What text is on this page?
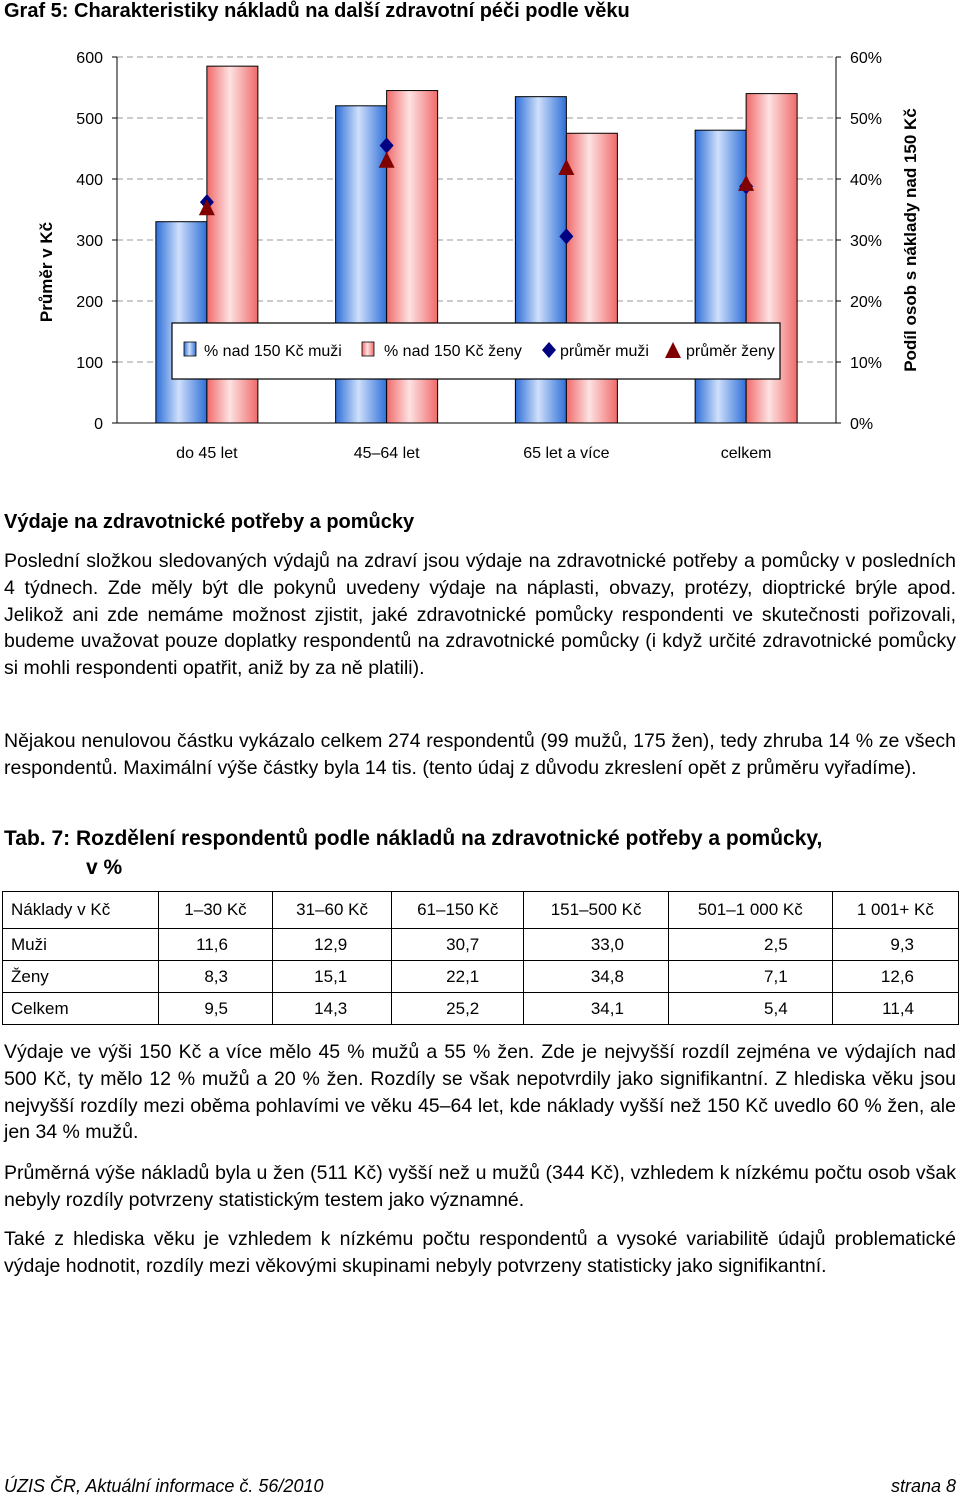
Graf 5: Charakteristiky nákladů na další zdravotní péči podle věku
0	0%
100	10%
200	20%
300	30%
400	40%
500	50%
600	60%
do 45 let	45–64 let	65 let a více	celkem
Průměr v Kč	Podíl osob s náklady nad 150 Kč
% nad 150 Kč muži	% nad 150 Kč ženy průměr muži průměr ženy
Výdaje na zdravotnické potřeby a pomůcky
Poslední složkou sledovaných výdajů na zdraví jsou výdaje na zdravotnické potřeby a pomůcky v posledních 4 týdnech. Zde měly být dle pokynů uvedeny výdaje na náplasti, obvazy, protézy, dioptrické brýle apod. Jelikož ani zde nemáme možnost zjistit, jaké zdravotnické pomůcky respondenti ve skutečnosti pořizovali, budeme uvažovat pouze doplatky respondentů na zdravotnické pomůcky (i když určité zdravotnické pomůcky si mohli respondenti opatřit, aniž by za ně platili).
Nějakou nenulovou částku vykázalo celkem 274 respondentů (99 mužů, 175 žen), tedy zhruba 14 % ze všech respondentů. Maximální výše částky byla 14 tis. (tento údaj z důvodu zkreslení opět z průměru vyřadíme).
Tab. 7: Rozdělení respondentů podle nákladů na zdravotnické potřeby a pomůcky,
v %
Náklady v Kč	1–30 Kč	31–60 Kč	61–150 Kč	151–500 Kč	501–1 000 Kč	1 001+ Kč
Muži	11,6	12,9	30,7	33,0	2,5	9,3
Ženy	8,3	15,1	22,1	34,8	7,1	12,6
Celkem	9,5	14,3	25,2	34,1	5,4	11,4
Výdaje ve výši 150 Kč a více mělo 45 % mužů a 55 % žen. Zde je nejvyšší rozdíl zejména ve výdajích nad 500 Kč, ty mělo 12 % mužů a 20 % žen. Rozdíly se však nepotvrdily jako signifikantní. Z hlediska věku jsou nejvyšší rozdíly mezi oběma pohlavími ve věku 45–64 let, kde náklady vyšší než 150 Kč uvedlo 60 % žen, ale jen 34 % mužů.
Průměrná výše nákladů byla u žen (511 Kč) vyšší než u mužů (344 Kč), vzhledem k nízkému počtu osob však nebyly rozdíly potvrzeny statistickým testem jako významné.
Také z hlediska věku je vzhledem k nízkému počtu respondentů a vysoké variabilitě údajů problematické výdaje hodnotit, rozdíly mezi věkovými skupinami nebyly potvrzeny statisticky jako signifikantní.
ÚZIS ČR, Aktuální informace č. 56/2010	strana 8
